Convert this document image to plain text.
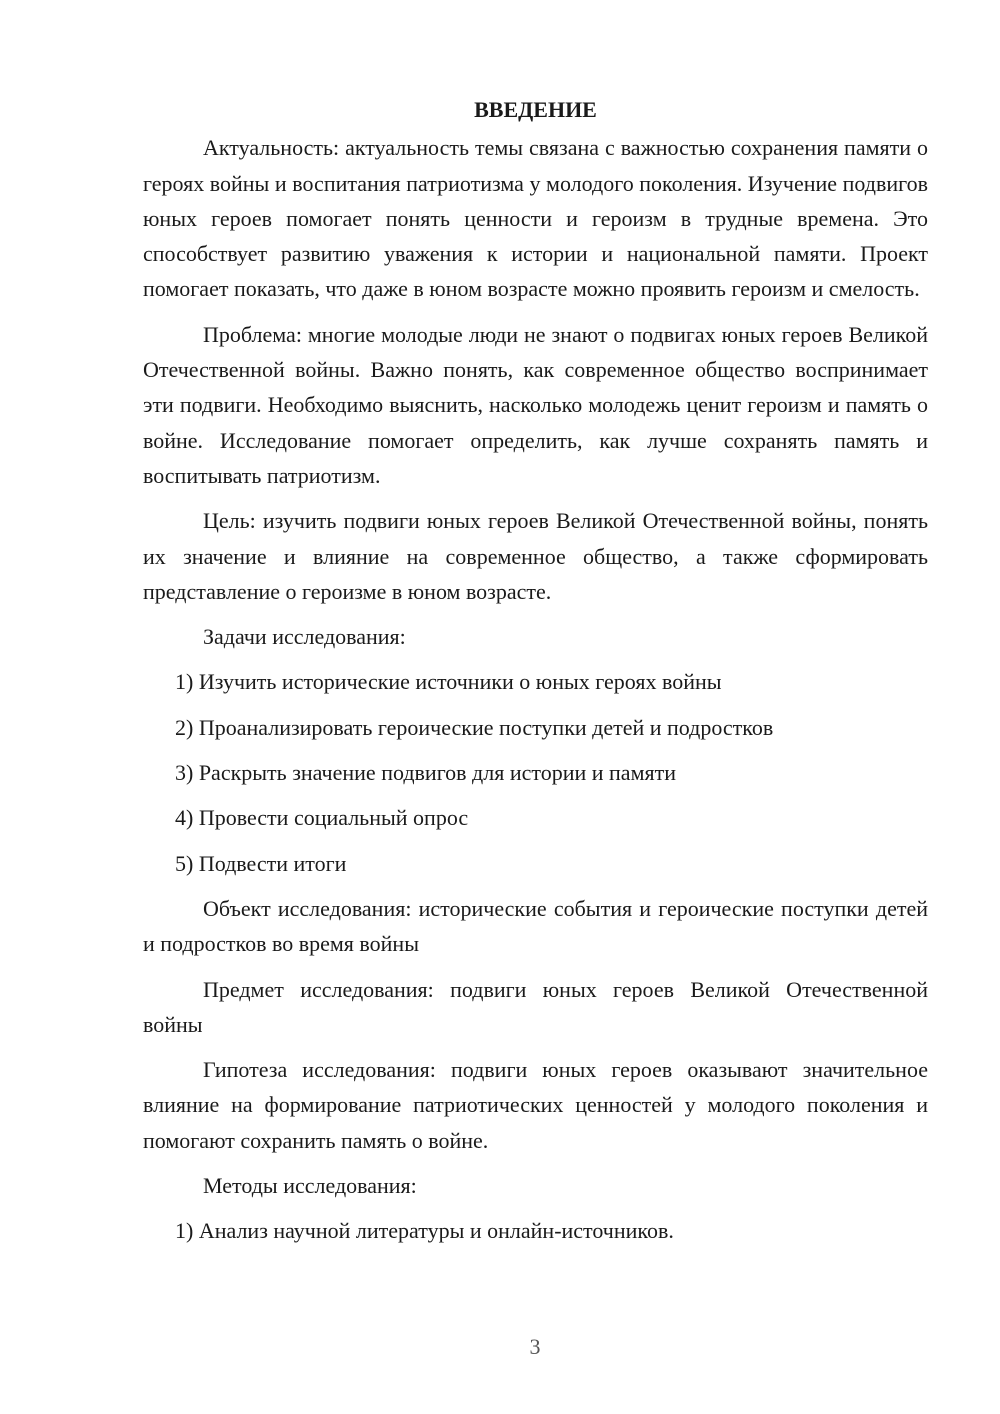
ВВЕДЕНИЕ

Актуальность: актуальность темы связана с важностью сохранения памяти о героях войны и воспитания патриотизма у молодого поколения. Изучение подвигов юных героев помогает понять ценности и героизм в трудные времена. Это способствует развитию уважения к истории и национальной памяти. Проект помогает показать, что даже в юном возрасте можно проявить героизм и смелость.

Проблема: многие молодые люди не знают о подвигах юных героев Великой Отечественной войны. Важно понять, как современное общество воспринимает эти подвиги. Необходимо выяснить, насколько молодежь ценит героизм и память о войне. Исследование помогает определить, как лучше сохранять память и воспитывать патриотизм.

Цель: изучить подвиги юных героев Великой Отечественной войны, понять их значение и влияние на современное общество, а также сформировать представление о героизме в юном возрасте.

Задачи исследования:

1) Изучить исторические источники о юных героях войны

2) Проанализировать героические поступки детей и подростков

3) Раскрыть значение подвигов для истории и памяти

4) Провести социальный опрос

5) Подвести итоги

Объект исследования: исторические события и героические поступки детей и подростков во время войны

Предмет исследования: подвиги юных героев Великой Отечественной войны

Гипотеза исследования: подвиги юных героев оказывают значительное влияние на формирование патриотических ценностей у молодого поколения и помогают сохранить память о войне.

Методы исследования:

1) Анализ научной литературы и онлайн-источников.

3
